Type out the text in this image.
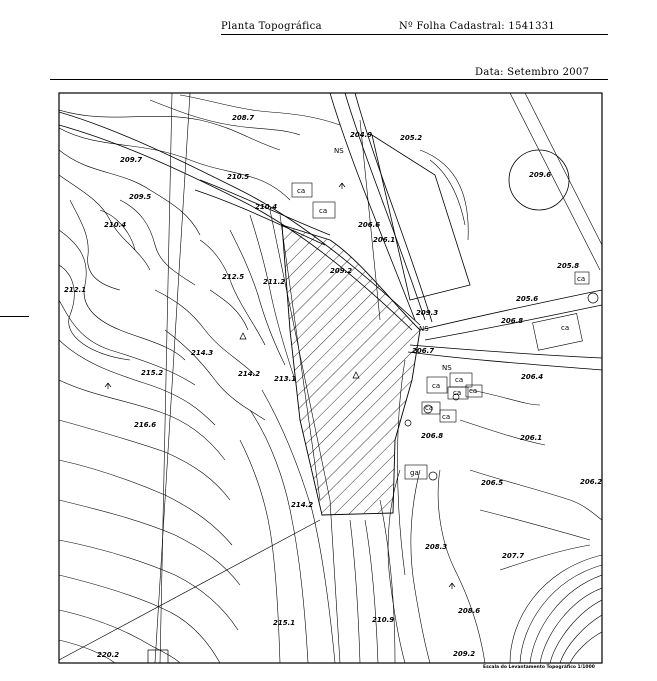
Planta Topográfica	Nº Folha Cadastral: 1541331
Data: Setembro 2007
208.7
204.9	205.2
209.7
210.5	209.6
209.5
210.4
206.6
210.4
206.1
205.8
209.2
212.5
211.2
212.1
205.6
209.3
206.8
214.3	206.7
215.2	214.2
213.1	206.4
216.6
206.8	206.1
206.5	206.2
214.2
208.3
207.7
208.6
215.1	210.9
220.2	209.2
NS
NS
NS
ca
ca
ca
ca
ca ca
ca
ca
ga
ca
ca
Escala do Levantamento Topográfico 1/1000
